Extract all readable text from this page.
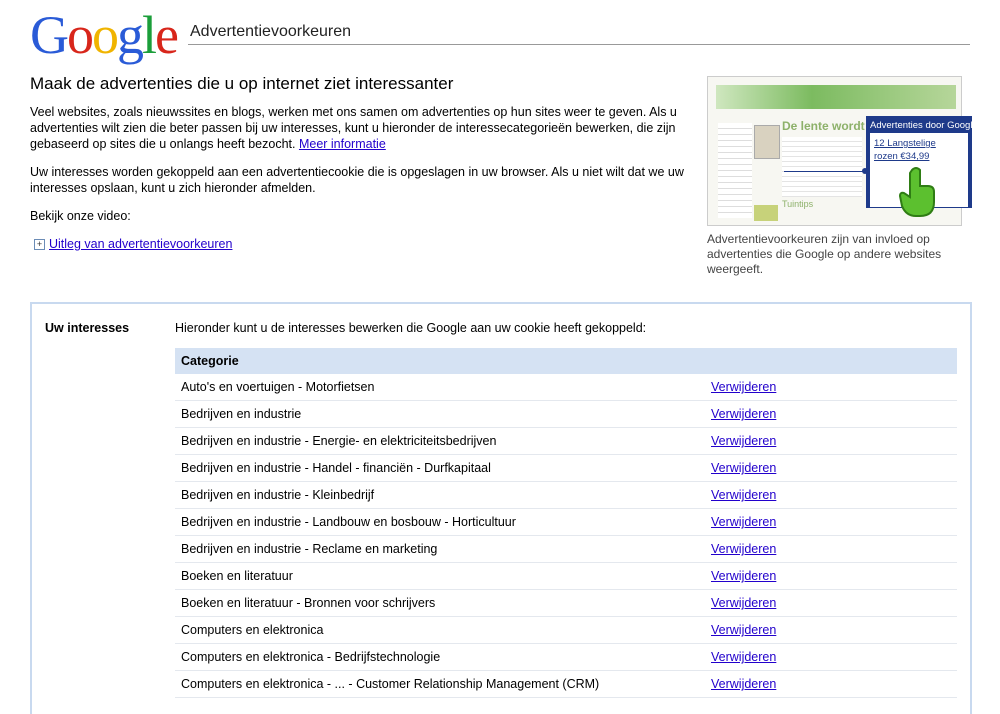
Google Advertentievoorkeuren
Maak de advertenties die u op internet ziet interessanter

Veel websites, zoals nieuwssites en blogs, werken met ons samen om advertenties op hun sites weer te geven. Als u advertenties wilt zien die beter passen bij uw interesses, kunt u hieronder de interessecategorieën bewerken, die zijn gebaseerd op sites die u onlangs heeft bezocht. Meer informatie

Uw interesses worden gekoppeld aan een advertentiecookie die is opgeslagen in uw browser. Als u niet wilt dat we uw interesses opslaan, kunt u zich hieronder afmelden.

Bekijk onze video:

+ Uitleg van advertentievoorkeuren
De lente wordt
Tuintips
Advertenties door Google
12 Langstelige
rozen €34,99
Advertentievoorkeuren zijn van invloed op advertenties die Google op andere websites weergeeft.
Uw interesses	Hieronder kunt u de interesses bewerken die Google aan uw cookie heeft gekoppeld:
Categorie
Auto's en voertuigen - Motorfietsen	Verwijderen
Bedrijven en industrie	Verwijderen
Bedrijven en industrie - Energie- en elektriciteitsbedrijven	Verwijderen
Bedrijven en industrie - Handel - financiën - Durfkapitaal	Verwijderen
Bedrijven en industrie - Kleinbedrijf	Verwijderen
Bedrijven en industrie - Landbouw en bosbouw - Horticultuur	Verwijderen
Bedrijven en industrie - Reclame en marketing	Verwijderen
Boeken en literatuur	Verwijderen
Boeken en literatuur - Bronnen voor schrijvers	Verwijderen
Computers en elektronica	Verwijderen
Computers en elektronica - Bedrijfstechnologie	Verwijderen
Computers en elektronica - ... - Customer Relationship Management (CRM)	Verwijderen
